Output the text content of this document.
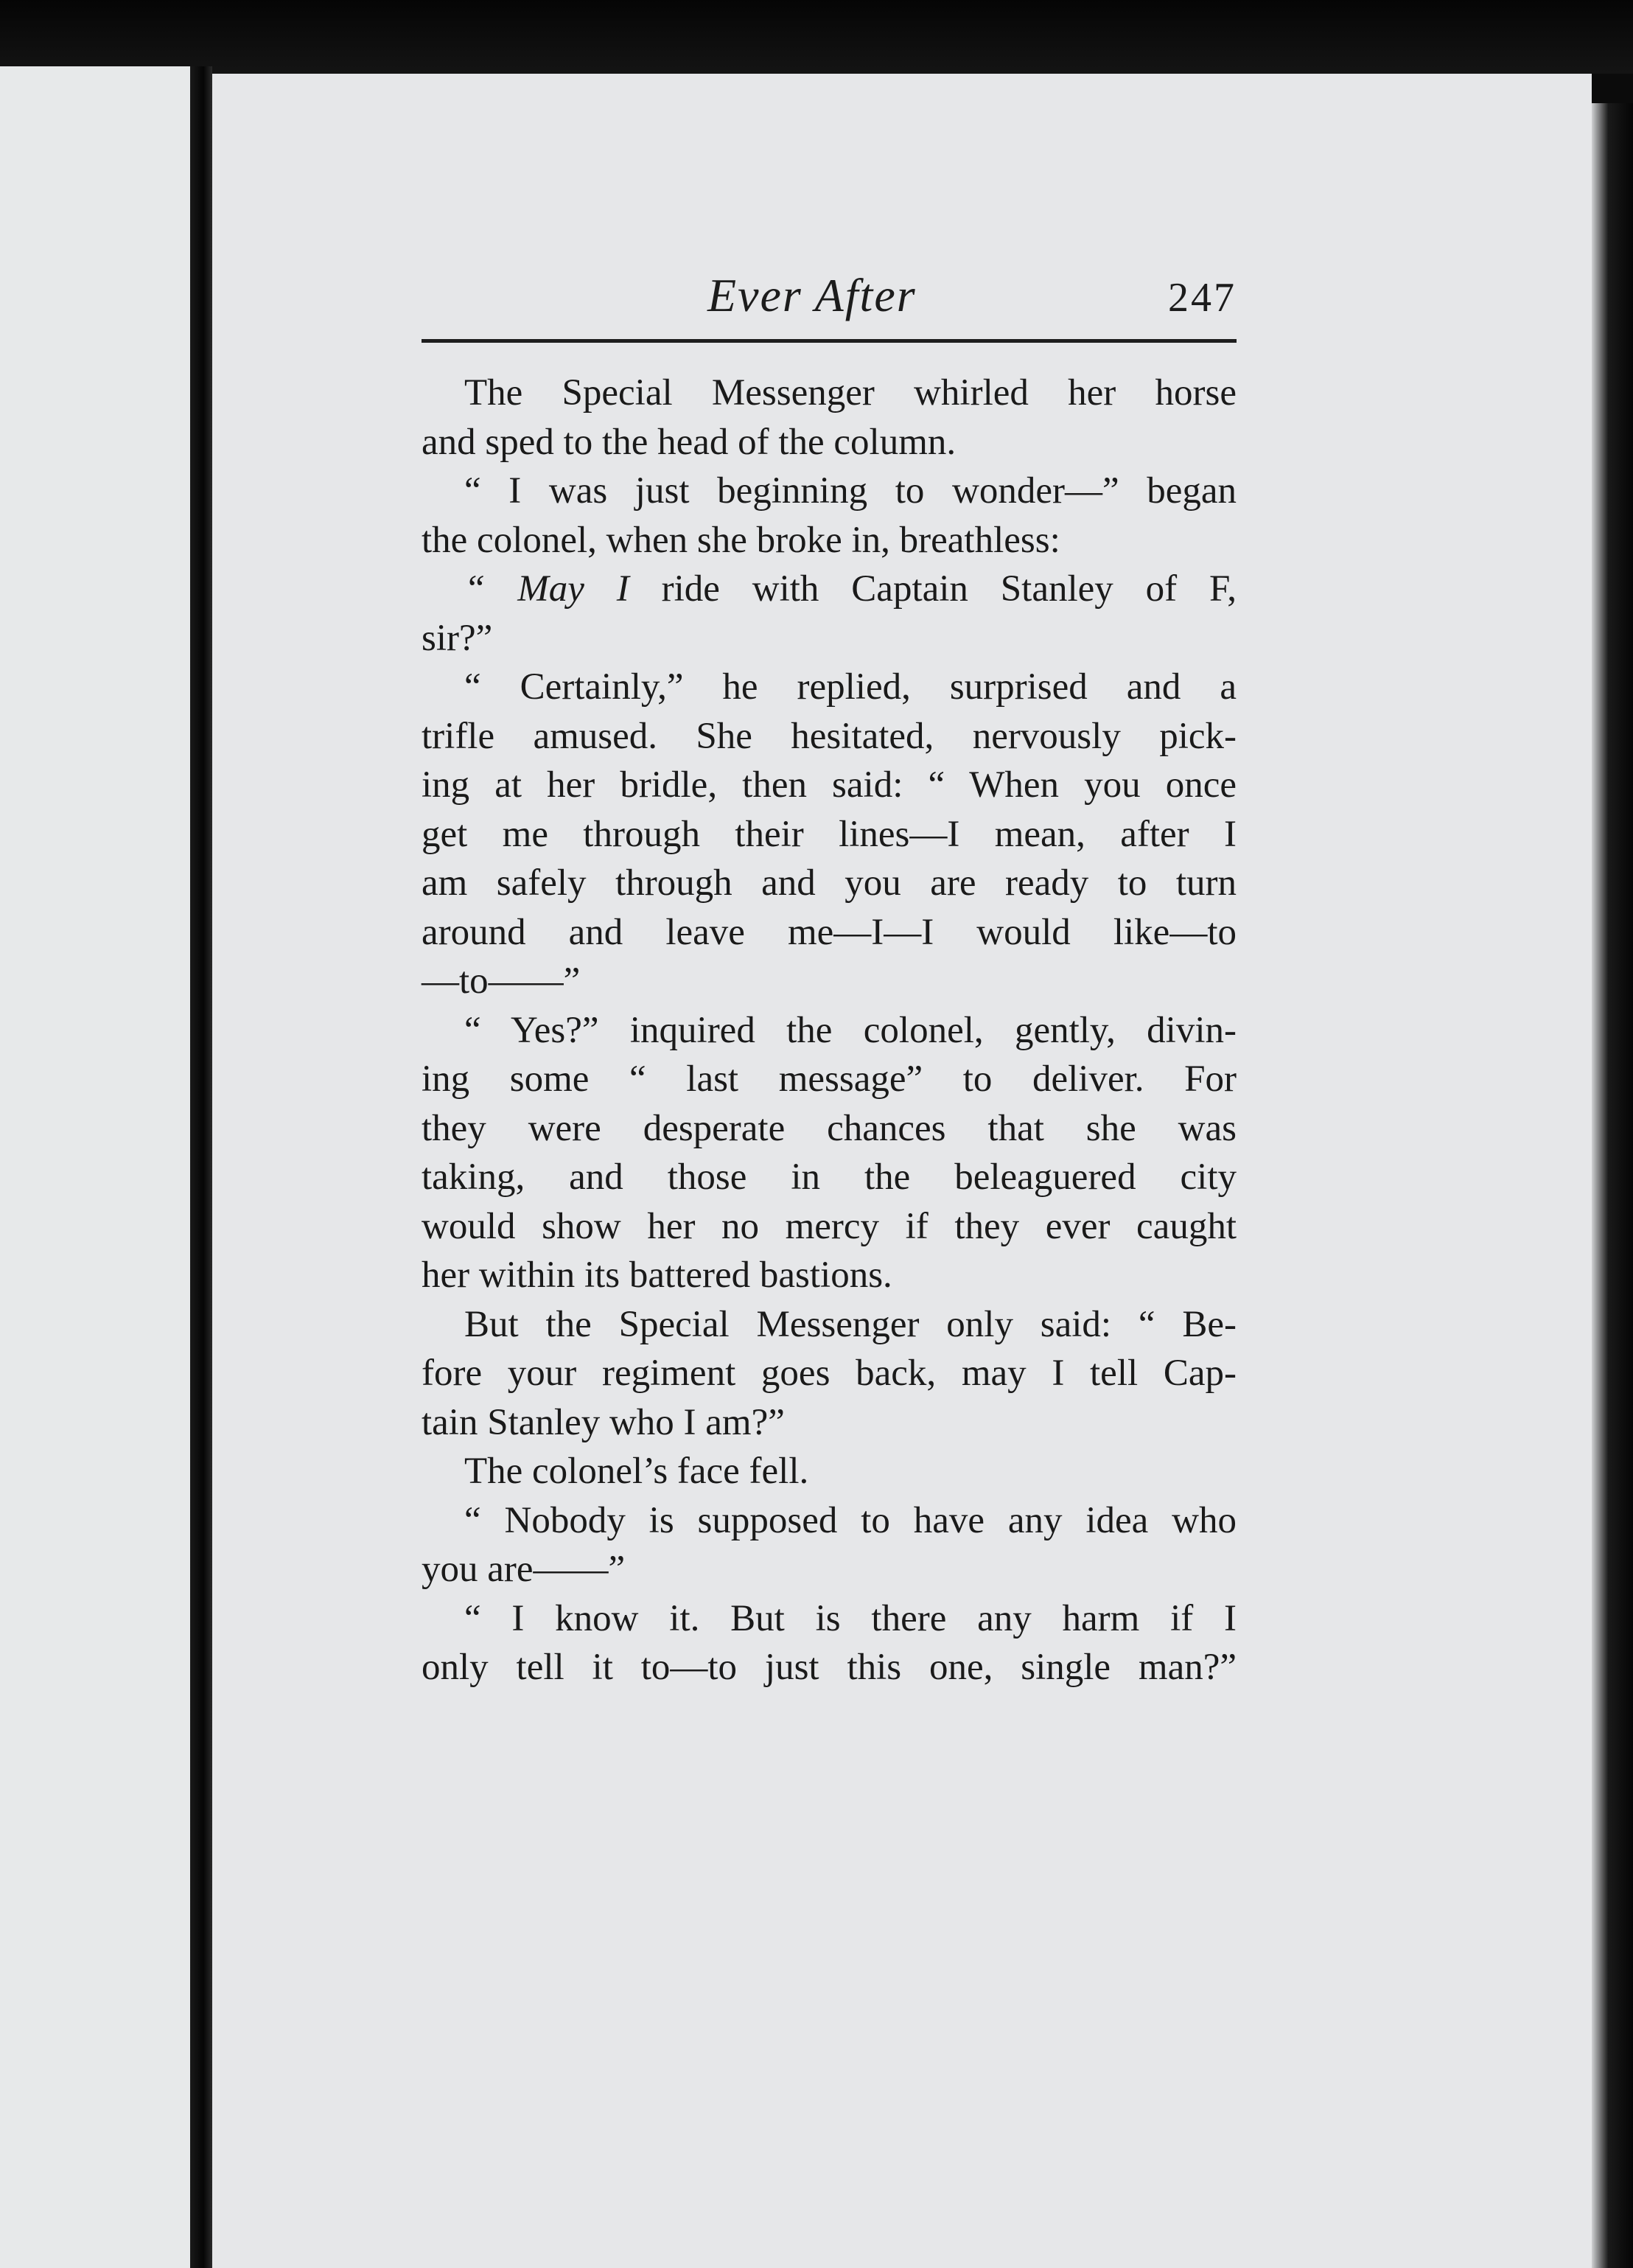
Ever After	247
The Special Messenger whirled her horse
and sped to the head of the column.
“ I was just beginning to wonder—” began
the colonel, when she broke in, breathless:
“ May I ride with Captain Stanley of F,
sir?”
“ Certainly,” he replied, surprised and a
trifle amused. She hesitated, nervously pick-
ing at her bridle, then said: “ When you once
get me through their lines—I mean, after I
am safely through and you are ready to turn
around and leave me—I—I would like—to
—to——”
“ Yes?” inquired the colonel, gently, divin-
ing some “ last message” to deliver. For
they were desperate chances that she was
taking, and those in the beleaguered city
would show her no mercy if they ever caught
her within its battered bastions.
But the Special Messenger only said: “ Be-
fore your regiment goes back, may I tell Cap-
tain Stanley who I am?”
The colonel’s face fell.
“ Nobody is supposed to have any idea who
you are——”
“ I know it. But is there any harm if I
only tell it to—to just this one, single man?”
